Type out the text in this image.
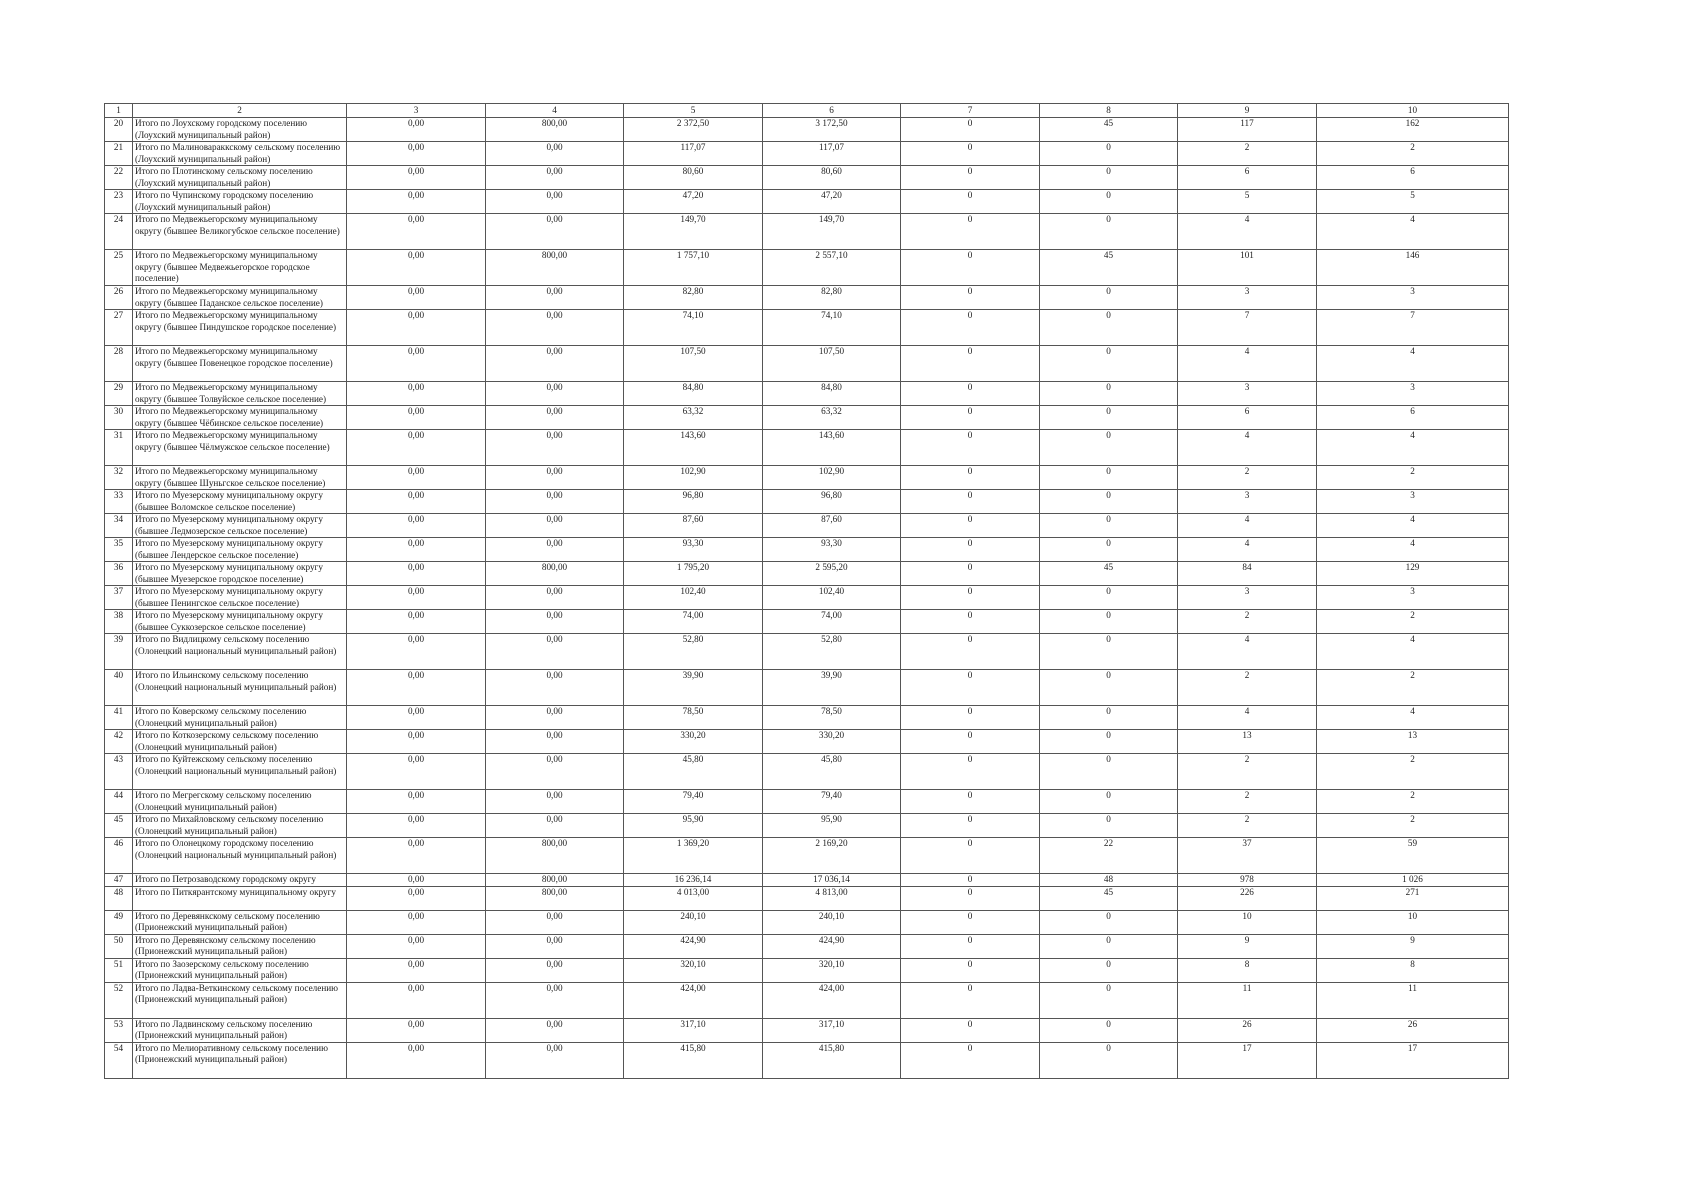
1	2	3	4	5	6	7	8	9	10
20	Итого по Лоухскому городскому поселению (Лоухский муниципальный район)	0,00	800,00	2 372,50	3 172,50	0	45	117	162
21	Итого по Малиновараккскому сельскому поселению (Лоухский муниципальный район)	0,00	0,00	117,07	117,07	0	0	2	2
22	Итого по Плотинскому сельскому поселению (Лоухский муниципальный район)	0,00	0,00	80,60	80,60	0	0	6	6
23	Итого по Чупинскому городскому поселению (Лоухский муниципальный район)	0,00	0,00	47,20	47,20	0	0	5	5
24	Итого по Медвежьегорскому муниципальному округу (бывшее Великогубское сельское поселение)	0,00	0,00	149,70	149,70	0	0	4	4
25	Итого по Медвежьегорскому муниципальному округу (бывшее Медвежьегорское городское поселение)	0,00	800,00	1 757,10	2 557,10	0	45	101	146
26	Итого по Медвежьегорскому муниципальному округу (бывшее Паданское сельское поселение)	0,00	0,00	82,80	82,80	0	0	3	3
27	Итого по Медвежьегорскому муниципальному округу (бывшее Пиндушское городское поселение)	0,00	0,00	74,10	74,10	0	0	7	7
28	Итого по Медвежьегорскому муниципальному округу (бывшее Повенецкое городское поселение)	0,00	0,00	107,50	107,50	0	0	4	4
29	Итого по Медвежьегорскому муниципальному округу (бывшее Толвуйское сельское поселение)	0,00	0,00	84,80	84,80	0	0	3	3
30	Итого по Медвежьегорскому муниципальному округу (бывшее Чёбинское сельское поселение)	0,00	0,00	63,32	63,32	0	0	6	6
31	Итого по Медвежьегорскому муниципальному округу (бывшее Чёлмужское сельское поселение)	0,00	0,00	143,60	143,60	0	0	4	4
32	Итого по Медвежьегорскому муниципальному округу (бывшее Шуньгское сельское поселение)	0,00	0,00	102,90	102,90	0	0	2	2
33	Итого по Муезерскому муниципальному округу (бывшее Воломское сельское поселение)	0,00	0,00	96,80	96,80	0	0	3	3
34	Итого по Муезерскому муниципальному округу (бывшее Ледмозерское сельское поселение)	0,00	0,00	87,60	87,60	0	0	4	4
35	Итого по Муезерскому муниципальному округу (бывшее Лендерское сельское поселение)	0,00	0,00	93,30	93,30	0	0	4	4
36	Итого по Муезерскому муниципальному округу (бывшее Муезерское городское поселение)	0,00	800,00	1 795,20	2 595,20	0	45	84	129
37	Итого по Муезерскому муниципальному округу (бывшее Пенингское сельское поселение)	0,00	0,00	102,40	102,40	0	0	3	3
38	Итого по Муезерскому муниципальному округу (бывшее Суккозерское сельское поселение)	0,00	0,00	74,00	74,00	0	0	2	2
39	Итого по Видлицкому сельскому поселению (Олонецкий национальный муниципальный район)	0,00	0,00	52,80	52,80	0	0	4	4
40	Итого по Ильинскому сельскому поселению (Олонецкий национальный муниципальный район)	0,00	0,00	39,90	39,90	0	0	2	2
41	Итого по Коверскому сельскому поселению (Олонецкий муниципальный район)	0,00	0,00	78,50	78,50	0	0	4	4
42	Итого по Коткозерскому сельскому поселению (Олонецкий муниципальный район)	0,00	0,00	330,20	330,20	0	0	13	13
43	Итого по Куйтежскому сельскому поселению (Олонецкий национальный муниципальный район)	0,00	0,00	45,80	45,80	0	0	2	2
44	Итого по Мегрегскому сельскому поселению (Олонецкий муниципальный район)	0,00	0,00	79,40	79,40	0	0	2	2
45	Итого по Михайловскому сельскому поселению (Олонецкий муниципальный район)	0,00	0,00	95,90	95,90	0	0	2	2
46	Итого по Олонецкому городскому поселению (Олонецкий национальный муниципальный район)	0,00	800,00	1 369,20	2 169,20	0	22	37	59
47	Итого по Петрозаводскому городскому округу	0,00	800,00	16 236,14	17 036,14	0	48	978	1 026
48	Итого по Питкярантскому муниципальному округу	0,00	800,00	4 013,00	4 813,00	0	45	226	271
49	Итого по Деревянкскому сельскому поселению (Прионежский муниципальный район)	0,00	0,00	240,10	240,10	0	0	10	10
50	Итого по Деревянскому сельскому поселению (Прионежский муниципальный район)	0,00	0,00	424,90	424,90	0	0	9	9
51	Итого по Заозерскому сельскому поселению (Прионежский муниципальный район)	0,00	0,00	320,10	320,10	0	0	8	8
52	Итого по Ладва-Веткинскому сельскому поселению (Прионежский муниципальный район)	0,00	0,00	424,00	424,00	0	0	11	11
53	Итого по Ладвинскому сельскому поселению (Прионежский муниципальный район)	0,00	0,00	317,10	317,10	0	0	26	26
54	Итого по Мелиоративному сельскому поселению (Прионежский муниципальный район)	0,00	0,00	415,80	415,80	0	0	17	17
